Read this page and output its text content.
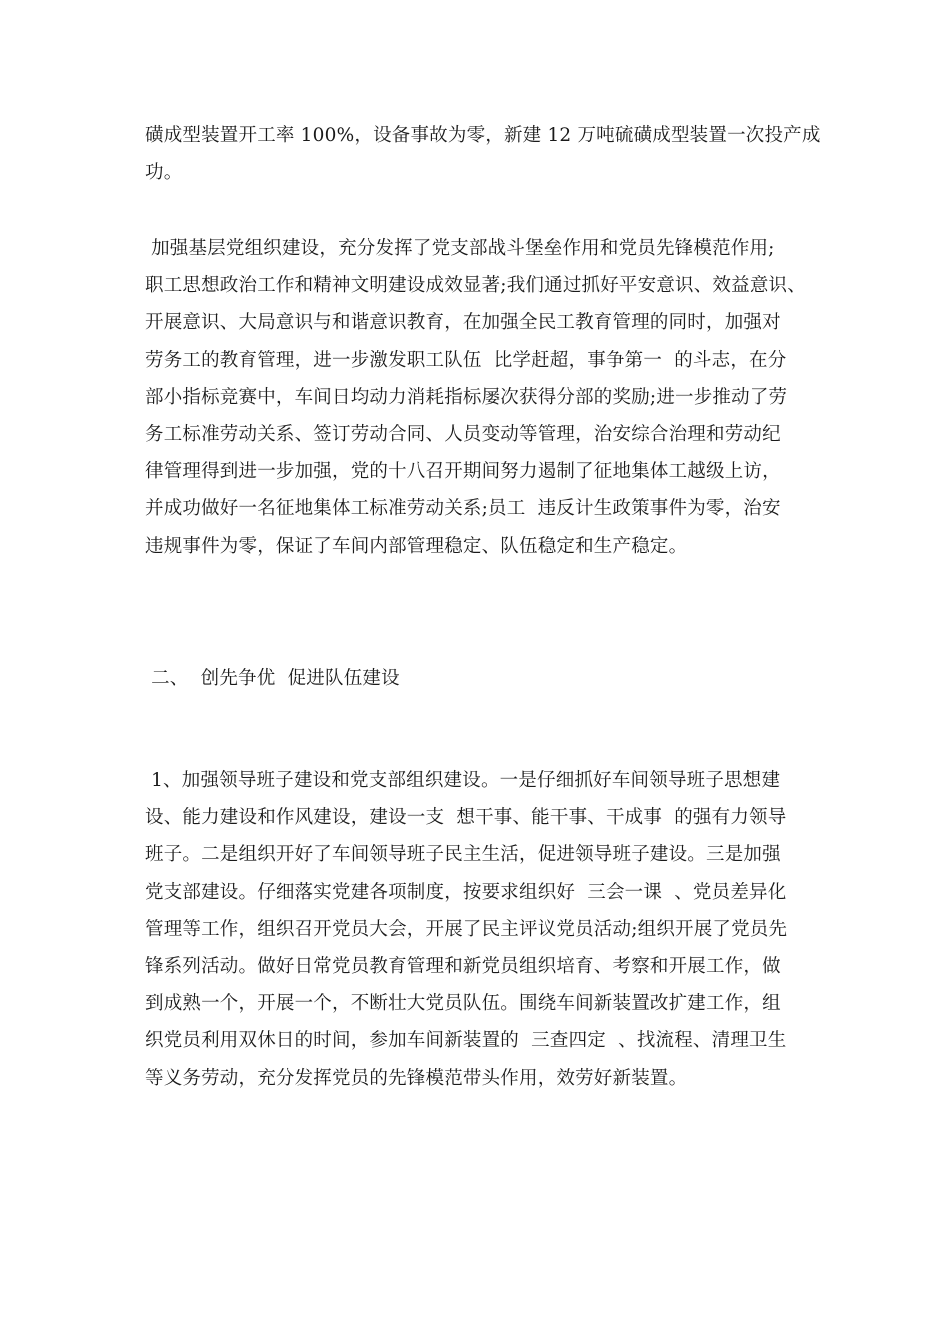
磺成型装置开工率 100%，设备事故为零，新建 12 万吨硫磺成型装置一次投产成
功。
加强基层党组织建设，充分发挥了党支部战斗堡垒作用和党员先锋模范作用;
职工思想政治工作和精神文明建设成效显著;我们通过抓好平安意识、效益意识、
开展意识、大局意识与和谐意识教育，在加强全民工教育管理的同时，加强对
劳务工的教育管理，进一步激发职工队伍  比学赶超，事争第一  的斗志，在分
部小指标竞赛中，车间日均动力消耗指标屡次获得分部的奖励;进一步推动了劳
务工标准劳动关系、签订劳动合同、人员变动等管理，治安综合治理和劳动纪
律管理得到进一步加强，党的十八召开期间努力遏制了征地集体工越级上访，
并成功做好一名征地集体工标准劳动关系;员工  违反计生政策事件为零，治安
违规事件为零，保证了车间内部管理稳定、队伍稳定和生产稳定。
二、  创先争优  促进队伍建设
1、加强领导班子建设和党支部组织建设。一是仔细抓好车间领导班子思想建
设、能力建设和作风建设，建设一支  想干事、能干事、干成事  的强有力领导
班子。二是组织开好了车间领导班子民主生活，促进领导班子建设。三是加强
党支部建设。仔细落实党建各项制度，按要求组织好  三会一课  、党员差异化
管理等工作，组织召开党员大会，开展了民主评议党员活动;组织开展了党员先
锋系列活动。做好日常党员教育管理和新党员组织培育、考察和开展工作，做
到成熟一个，开展一个，不断壮大党员队伍。围绕车间新装置改扩建工作，组
织党员利用双休日的时间，参加车间新装置的  三查四定  、找流程、清理卫生
等义务劳动，充分发挥党员的先锋模范带头作用，效劳好新装置。
